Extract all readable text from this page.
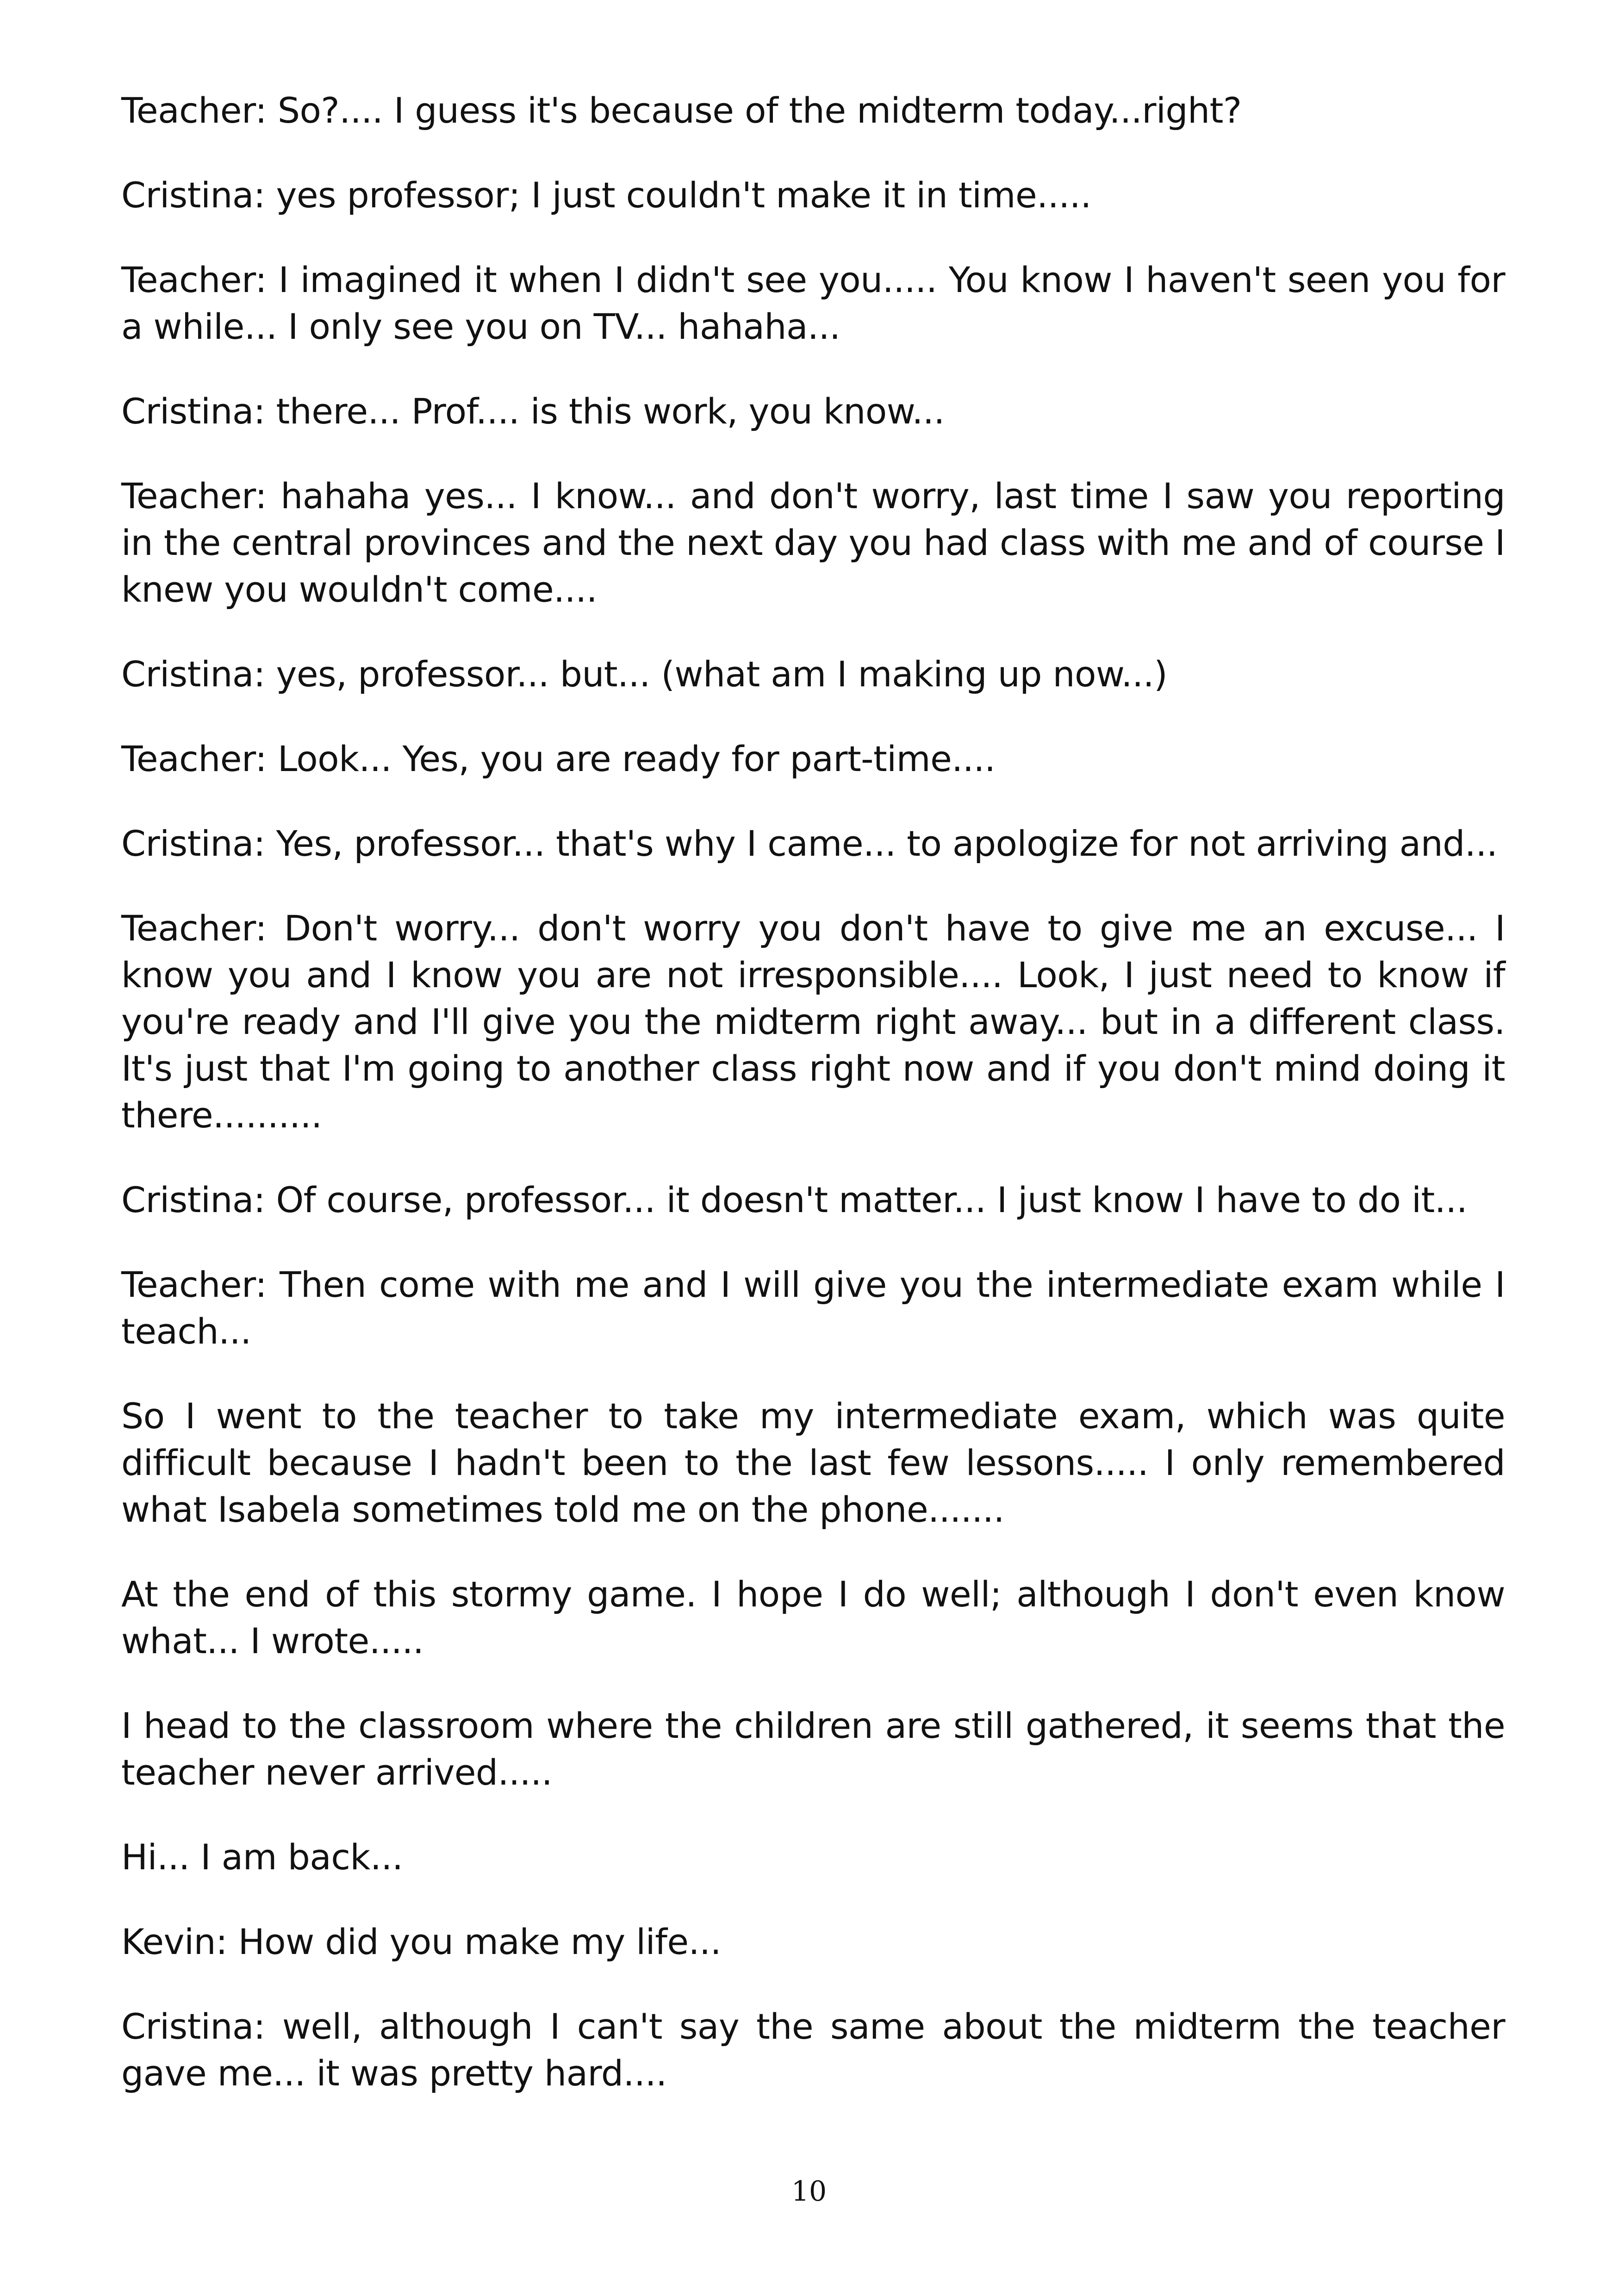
Teacher: So?.... I guess it's because of the midterm today...right?

Cristina: yes professor; I just couldn't make it in time.....

Teacher: I imagined it when I didn't see you..... You know I haven't seen you for a while... I only see you on TV... hahaha...

Cristina: there... Prof.... is this work, you know...

Teacher: hahaha yes... I know... and don't worry, last time I saw you reporting in the central provinces and the next day you had class with me and of course I knew you wouldn't come....

Cristina: yes, professor... but... (what am I making up now...)

Teacher: Look... Yes, you are ready for part-time....

Cristina: Yes, professor... that's why I came... to apologize for not arriving and...

Teacher: Don't worry... don't worry you don't have to give me an excuse... I know you and I know you are not irresponsible.... Look, I just need to know if you're ready and I'll give you the midterm right away... but in a different class. It's just that I'm going to another class right now and if you don't mind doing it there..........

Cristina: Of course, professor... it doesn't matter... I just know I have to do it...

Teacher: Then come with me and I will give you the intermediate exam while I teach...

So I went to the teacher to take my intermediate exam, which was quite difficult because I hadn't been to the last few lessons..... I only remembered what Isabela sometimes told me on the phone.......

At the end of this stormy game. I hope I do well; although I don't even know what... I wrote.....

I head to the classroom where the children are still gathered, it seems that the teacher never arrived.....

Hi... I am back...

Kevin: How did you make my life...

Cristina: well, although I can't say the same about the midterm the teacher gave me... it was pretty hard....

10
